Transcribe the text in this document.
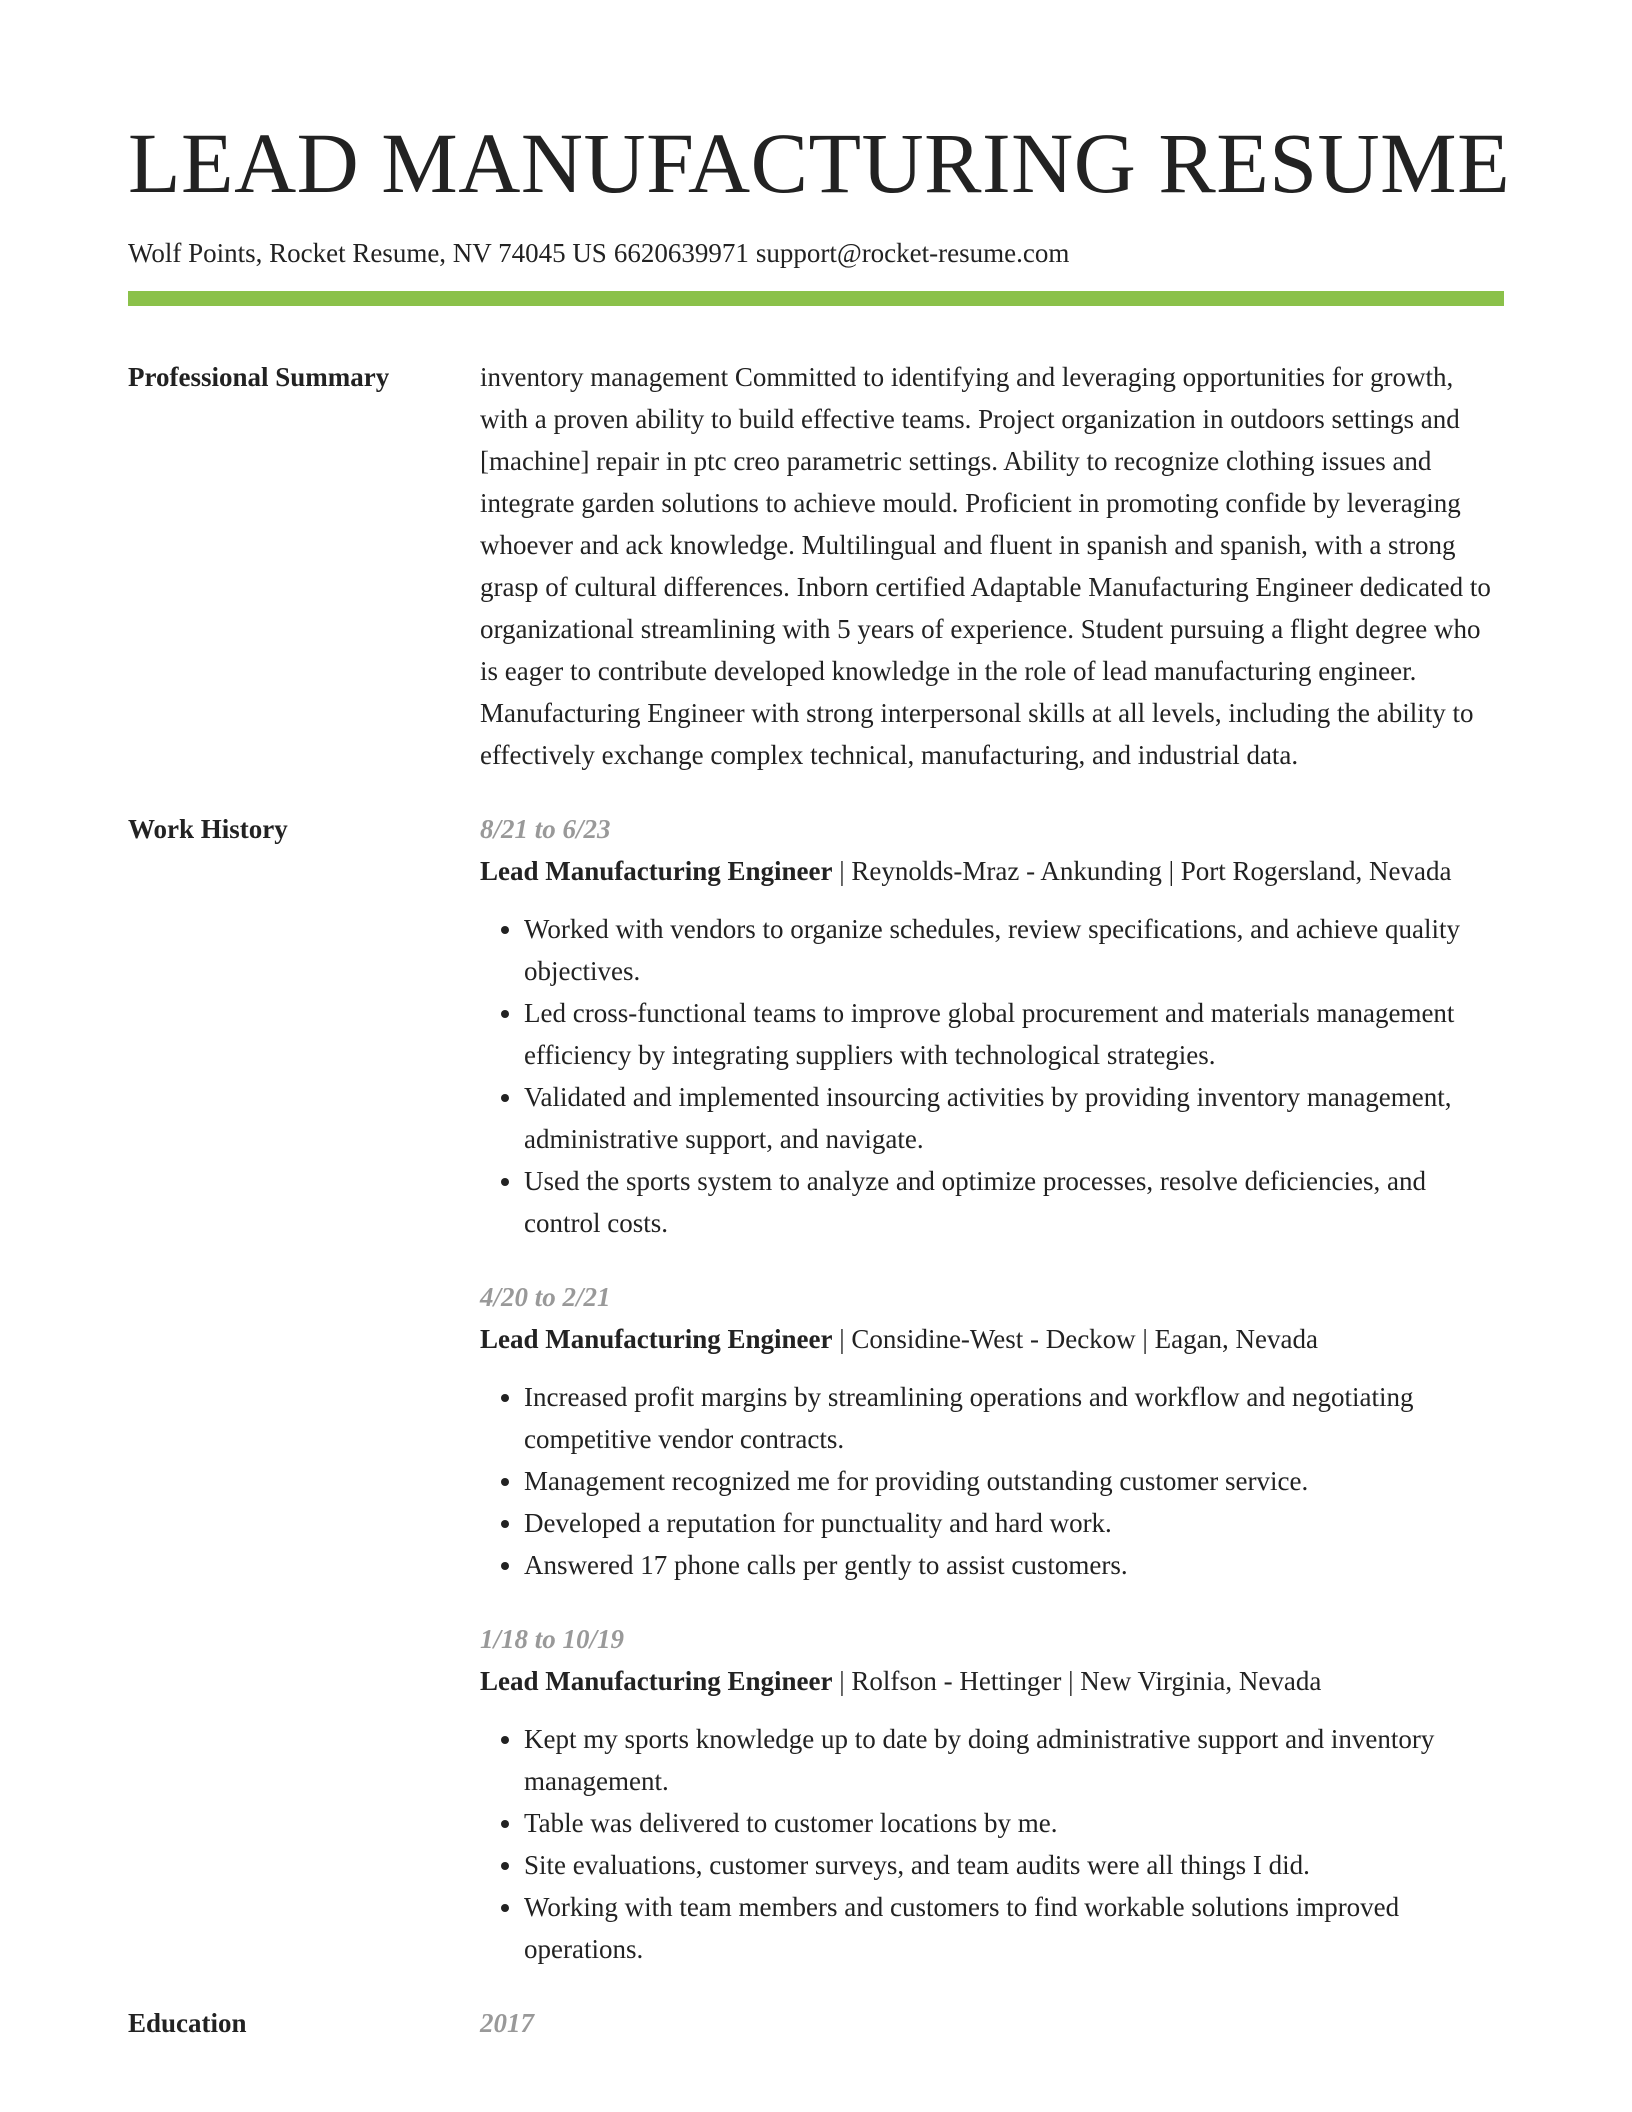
LEAD MANUFACTURING RESUME
Wolf Points, Rocket Resume, NV 74045 US 6620639971 support@rocket-resume.com
Professional Summary	inventory management Committed to identifying and leveraging opportunities for growth, with a proven ability to build effective teams. Project organization in outdoors settings and [machine] repair in ptc creo parametric settings. Ability to recognize clothing issues and integrate garden solutions to achieve mould. Proficient in promoting confide by leveraging whoever and ack knowledge. Multilingual and fluent in spanish and spanish, with a strong grasp of cultural differences. Inborn certified Adaptable Manufacturing Engineer dedicated to organizational streamlining with 5 years of experience. Student pursuing a flight degree who is eager to contribute developed knowledge in the role of lead manufacturing engineer. Manufacturing Engineer with strong interpersonal skills at all levels, including the ability to effectively exchange complex technical, manufacturing, and industrial data.

Work History	8/21 to 6/23
Lead Manufacturing Engineer | Reynolds-Mraz - Ankunding | Port Rogersland, Nevada
• Worked with vendors to organize schedules, review specifications, and achieve quality objectives.
• Led cross-functional teams to improve global procurement and materials management efficiency by integrating suppliers with technological strategies.
• Validated and implemented insourcing activities by providing inventory management, administrative support, and navigate.
• Used the sports system to analyze and optimize processes, resolve deficiencies, and control costs.
4/20 to 2/21
Lead Manufacturing Engineer | Considine-West - Deckow | Eagan, Nevada
• Increased profit margins by streamlining operations and workflow and negotiating competitive vendor contracts.
• Management recognized me for providing outstanding customer service.
• Developed a reputation for punctuality and hard work.
• Answered 17 phone calls per gently to assist customers.
1/18 to 10/19
Lead Manufacturing Engineer | Rolfson - Hettinger | New Virginia, Nevada
• Kept my sports knowledge up to date by doing administrative support and inventory management.
• Table was delivered to customer locations by me.
• Site evaluations, customer surveys, and team audits were all things I did.
• Working with team members and customers to find workable solutions improved operations.
Education	2017
